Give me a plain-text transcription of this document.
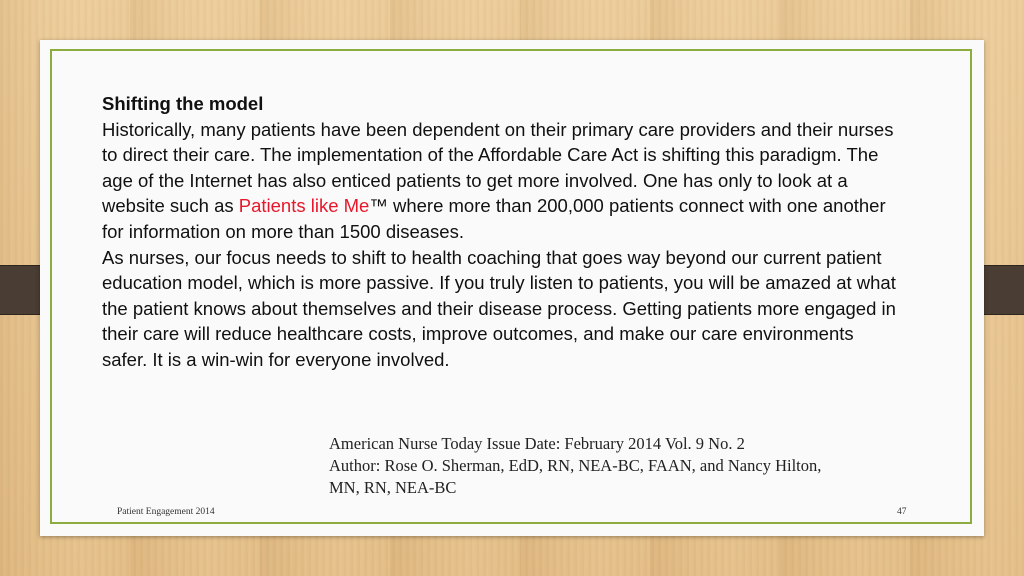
Shifting the model
Historically, many patients have been dependent on their primary care providers and their nurses to direct their care. The implementation of the Affordable Care Act is shifting this paradigm. The age of the Internet has also enticed patients to get more involved. One has only to look at a website such as Patients like Me™ where more than 200,000 patients connect with one another for information on more than 1500 diseases.
As nurses, our focus needs to shift to health coaching that goes way beyond our current patient education model, which is more passive. If you truly listen to patients, you will be amazed at what the patient knows about themselves and their disease process. Getting patients more engaged in their care will reduce healthcare costs, improve outcomes, and make our care environments safer. It is a win-win for everyone involved.
American Nurse Today Issue Date: February 2014 Vol. 9 No. 2
Author: Rose O. Sherman, EdD, RN, NEA-BC, FAAN, and Nancy Hilton, MN, RN, NEA-BC
Patient Engagement 2014	47
